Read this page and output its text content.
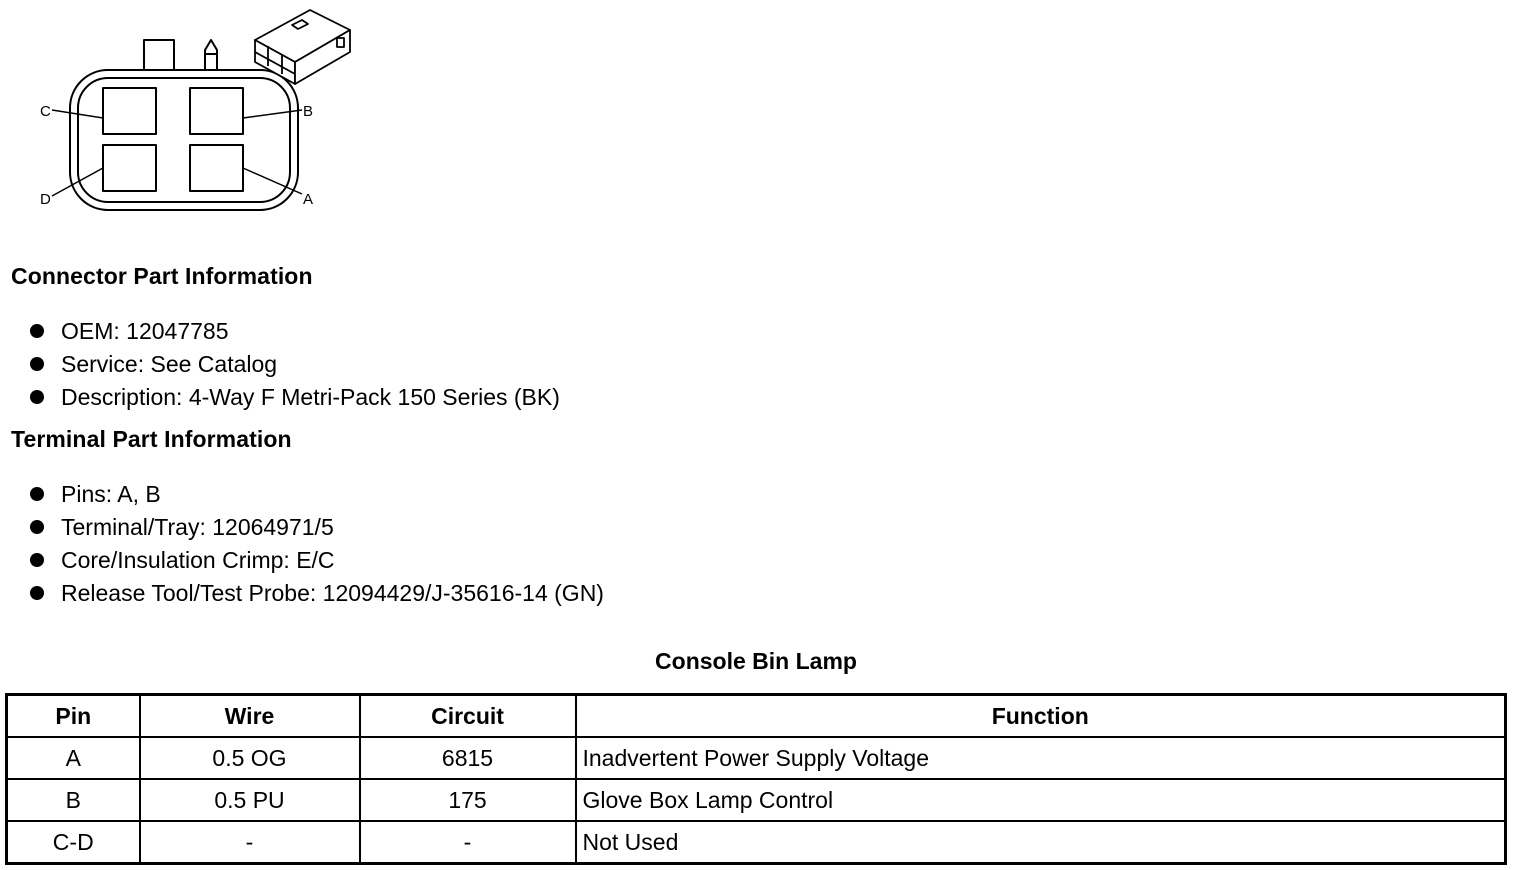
C	B
D	A
Connector Part Information
OEM: 12047785
Service: See Catalog
Description: 4-Way F Metri-Pack 150 Series (BK)
Terminal Part Information
Pins: A, B
Terminal/Tray: 12064971/5
Core/Insulation Crimp: E/C
Release Tool/Test Probe: 12094429/J-35616-14 (GN)
Console Bin Lamp
Pin	Wire	Circuit	Function
A	0.5 OG	6815	Inadvertent Power Supply Voltage
B	0.5 PU	175	Glove Box Lamp Control
C-D	-	-	Not Used
